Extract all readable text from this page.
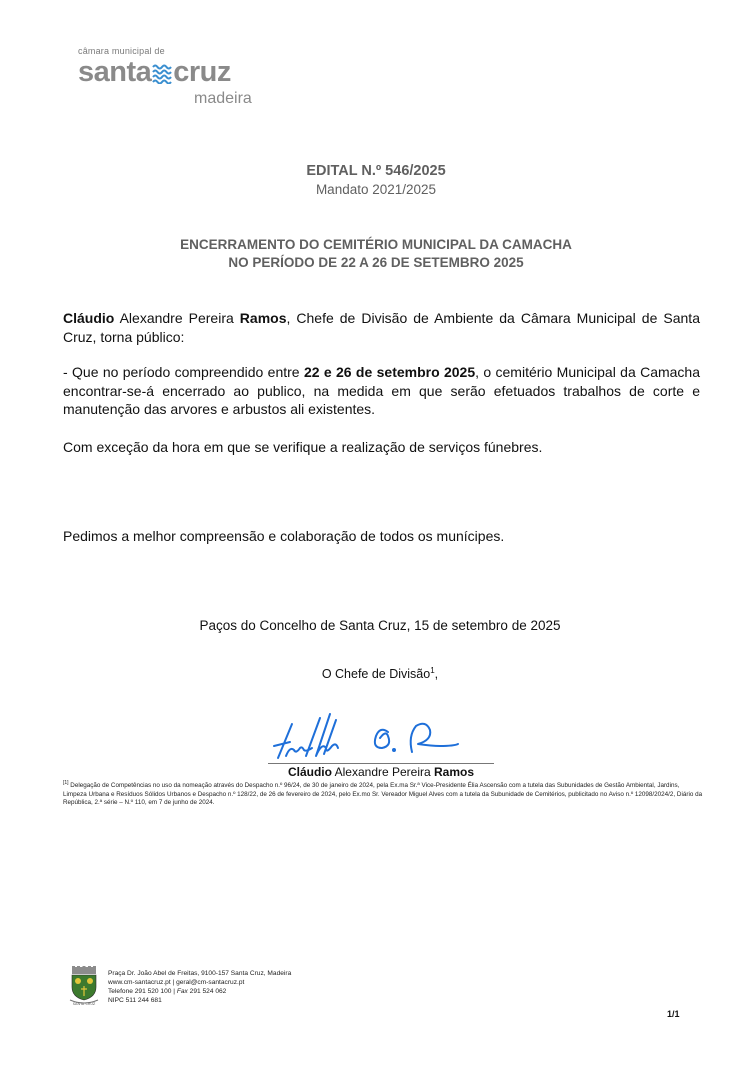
câmara municipal de
santa cruz
madeira
EDITAL N.º 546/2025
Mandato 2021/2025
ENCERRAMENTO DO CEMITÉRIO MUNICIPAL DA CAMACHA
NO PERÍODO DE 22 A 26 DE SETEMBRO 2025
Cláudio Alexandre Pereira Ramos, Chefe de Divisão de Ambiente da Câmara Municipal de Santa Cruz, torna público:
- Que no período compreendido entre 22 e 26 de setembro 2025, o cemitério Municipal da Camacha encontrar-se-á encerrado ao publico, na medida em que serão efetuados trabalhos de corte e manutenção das arvores e arbustos ali existentes.
Com exceção da hora em que se verifique a realização de serviços fúnebres.
Pedimos a melhor compreensão e colaboração de todos os munícipes.
Paços do Concelho de Santa Cruz, 15 de setembro de 2025
O Chefe de Divisão$^1$,
Cláudio Alexandre Pereira Ramos
[1] Delegação de Competências no uso da nomeação através do Despacho n.º 96/24, de 30 de janeiro de 2024, pela Ex.ma Sr.ª Vice-Presidente Élia Ascensão com a tutela das Subunidades de Gestão Ambiental, Jardins, Limpeza Urbana e Resíduos Sólidos Urbanos e Despacho n.º 128/22, de 26 de fevereiro de 2024, pelo Ex.mo Sr. Vereador Miguel Alves com a tutela da Subunidade de Cemitérios, publicitado no Aviso n.º 12098/2024/2, Diário da República, 2.ª série – N.º 110, em 7 de junho de 2024.
SANTA CRUZ
Praça Dr. João Abel de Freitas, 9100-157 Santa Cruz, Madeira
www.cm-santacruz.pt | geral@cm-santacruz.pt
Telefone 291 520 100 | Fax 291 524 062
NIPC 511 244 681
1/1
